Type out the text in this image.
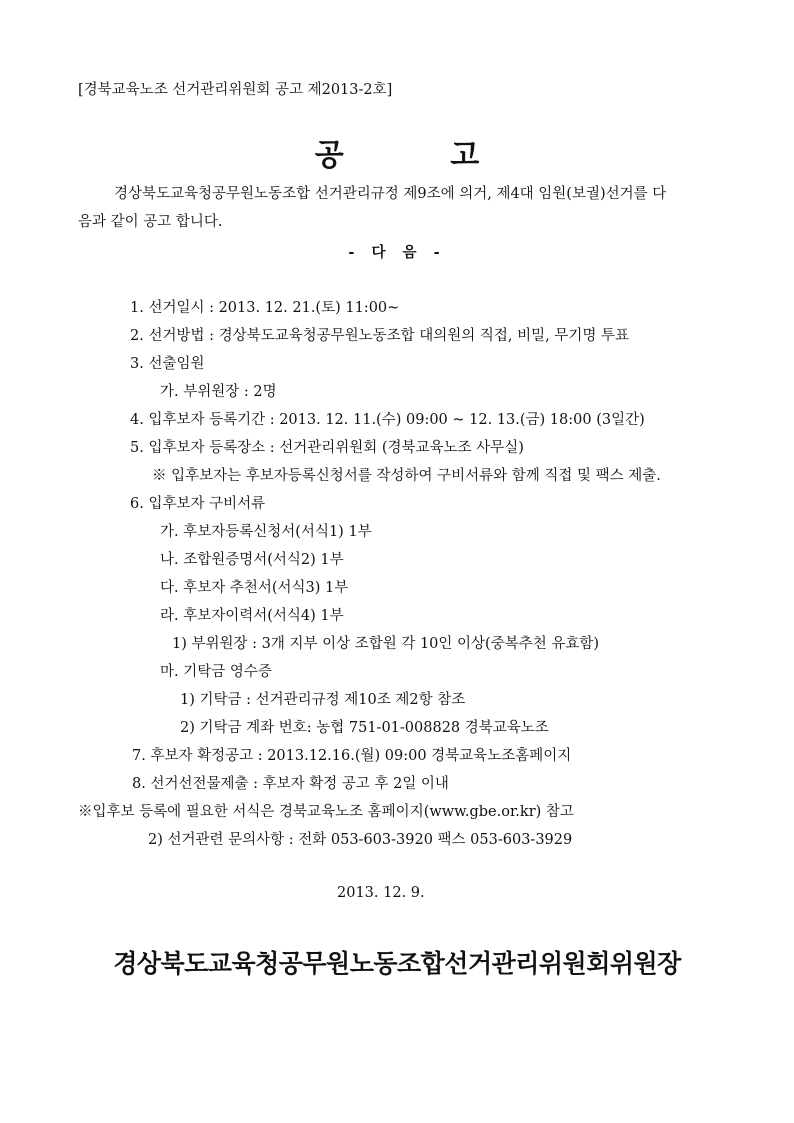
[경북교육노조 선거관리위원회 공고 제2013-2호]
공 고
경상북도교육청공무원노동조합 선거관리규정 제9조에 의거, 제4대 임원(보궐)선거를 다
음과 같이 공고 합니다.
- 다 음 -
1. 선거일시 : 2013. 12. 21.(토) 11:00~
2. 선거방법 : 경상북도교육청공무원노동조합 대의원의 직접, 비밀, 무기명 투표
3. 선출임원
가. 부위원장 : 2명
4. 입후보자 등록기간 : 2013. 12. 11.(수) 09:00 ~ 12. 13.(금) 18:00 (3일간)
5. 입후보자 등록장소 : 선거관리위원회 (경북교육노조 사무실)
※ 입후보자는 후보자등록신청서를 작성하여 구비서류와 함께 직접 및 팩스 제출.
6. 입후보자 구비서류
가. 후보자등록신청서(서식1) 1부
나. 조합원증명서(서식2) 1부
다. 후보자 추천서(서식3) 1부
라. 후보자이력서(서식4) 1부
1) 부위원장 : 3개 지부 이상 조합원 각 10인 이상(중복추천 유효함)
마. 기탁금 영수증
1) 기탁금 : 선거관리규정 제10조 제2항 참조
2) 기탁금 계좌 번호: 농협 751-01-008828 경북교육노조
7. 후보자 확정공고 : 2013.12.16.(월) 09:00 경북교육노조홈페이지
8. 선거선전물제출 : 후보자 확정 공고 후 2일 이내
※입후보 등록에 필요한 서식은 경북교육노조 홈페이지(www.gbe.or.kr) 참고
2) 선거관련 문의사항 : 전화 053-603-3920 팩스 053-603-3929
2013. 12. 9.
경상북도교육청공무원노동조합선거관리위원회위원장
